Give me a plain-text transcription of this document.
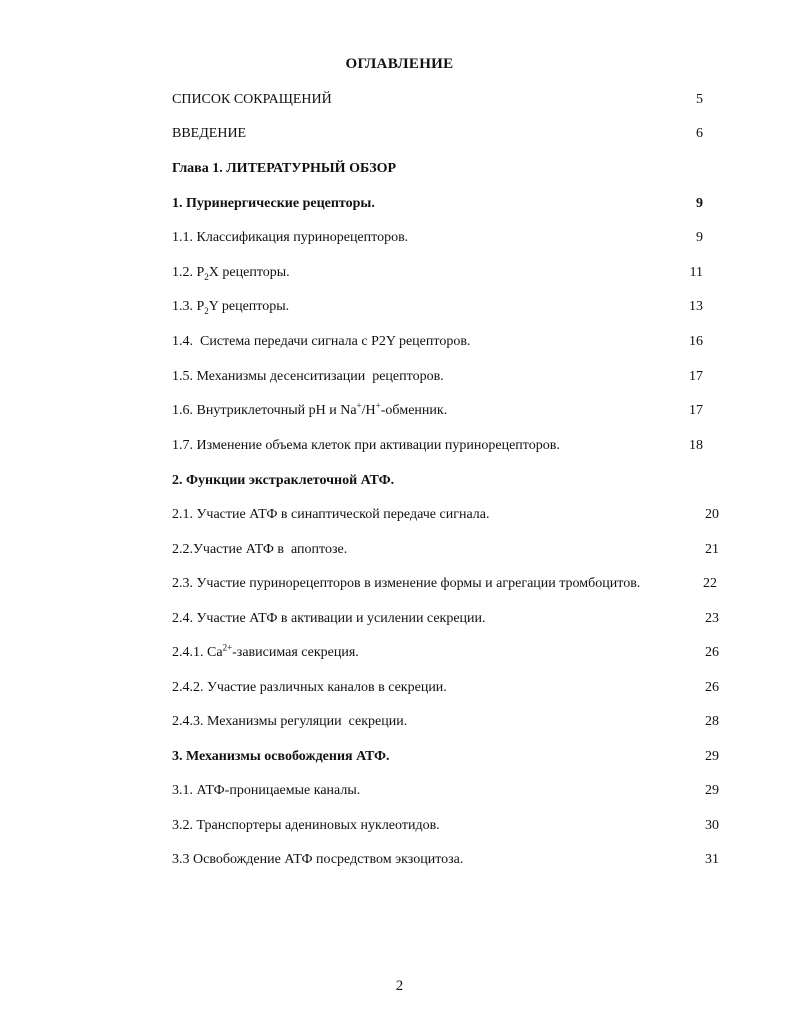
ОГЛАВЛЕНИЕ
СПИСОК СОКРАЩЕНИЙ	5
ВВЕДЕНИЕ	6
Глава 1. ЛИТЕРАТУРНЫЙ ОБЗОР
1. Пуринергические рецепторы.	9
1.1. Классификация пуринорецепторов.	9
1.2. $P_2X$ рецепторы.	11
1.3. $P_2Y$ рецепторы.	13
1.4.  Система передачи сигнала с P2Y рецепторов.	16
1.5. Механизмы десенситизации  рецепторов.	17
1.6. Внутриклеточный pH и Na+/H+-обменник.	17
1.7. Изменение объема клеток при активации пуринорецепторов.	18
2. Функции экстраклеточной АТФ.
2.1. Участие АТФ в синаптической передаче сигнала.	20
2.2.Участие АТФ в  апоптозе.	21
2.3. Участие пуринорецепторов в изменение формы и агрегации тромбоцитов.	22
2.4. Участие АТФ в активации и усилении секреции.	23
2.4.1. $Ca^{2+}$-зависимая секреция.	26
2.4.2. Участие различных каналов в секреции.	26
2.4.3. Механизмы регуляции  секреции.	28
3. Механизмы освобождения АТФ.	29
3.1. АТФ-проницаемые каналы.	29
3.2. Транспортеры адениновых нуклеотидов.	30
3.3 Освобождение АТФ посредством экзоцитоза.	31
2
